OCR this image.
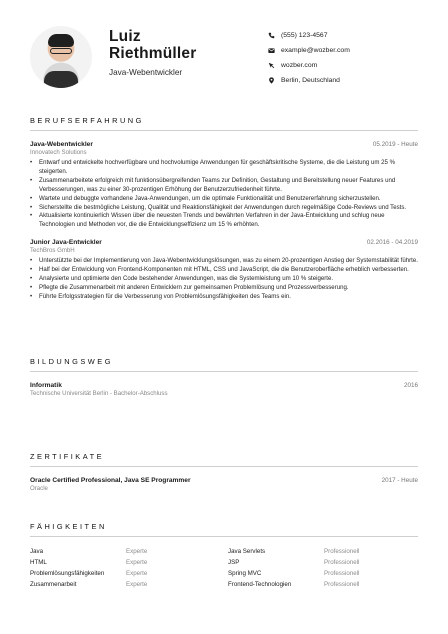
Luiz
Riethmüller
Java-Webentwickler
(555) 123-4567
example@wozber.com
wozber.com
Berlin, Deutschland
BERUFSERFAHRUNG
Java-Webentwickler	05.2019 - Heute
Innovatech Solutions
• Entwarf und entwickelte hochverfügbare und hochvolumige Anwendungen für geschäftskritische Systeme, die die Leistung um 25 % steigerten.
• Zusammenarbeitete erfolgreich mit funktionsübergreifenden Teams zur Definition, Gestaltung und Bereitstellung neuer Features und Verbesserungen, was zu einer 30-prozentigen Erhöhung der Benutzerzufriedenheit führte.
• Wartete und debuggte vorhandene Java-Anwendungen, um die optimale Funktionalität und Benutzererfahrung sicherzustellen.
• Sicherstellte die bestmögliche Leistung, Qualität und Reaktionsfähigkeit der Anwendungen durch regelmäßige Code-Reviews und Tests.
• Aktualisierte kontinuierlich Wissen über die neuesten Trends und bewährten Verfahren in der Java-Entwicklung und schlug neue Technologien und Methoden vor, die die Entwicklungseffizienz um 15 % erhöhten.
Junior Java-Entwickler	02.2016 - 04.2019
TechBros GmbH
• Unterstützte bei der Implementierung von Java-Webentwicklungslösungen, was zu einem 20-prozentigen Anstieg der Systemstabilität führte.
• Half bei der Entwicklung von Frontend-Komponenten mit HTML, CSS und JavaScript, die die Benutzeroberfläche erheblich verbesserten.
• Analysierte und optimierte den Code bestehender Anwendungen, was die Systemleistung um 10 % steigerte.
• Pflegte die Zusammenarbeit mit anderen Entwicklern zur gemeinsamen Problemlösung und Prozessverbesserung.
• Führte Erfolgsstrategien für die Verbesserung von Problemlösungsfähigkeiten des Teams ein.
BILDUNGSWEG
Informatik	2016
Technische Universität Berlin - Bachelor-Abschluss
ZERTIFIKATE
Oracle Certified Professional, Java SE Programmer	2017 - Heute
Oracle
FÄHIGKEITEN
Java	Experte	Java Servlets	Professionell
HTML	Experte	JSP	Professionell
Problemlösungsfähigkeiten	Experte	Spring MVC	Professionell
Zusammenarbeit	Experte	Frontend-Technologien	Professionell
